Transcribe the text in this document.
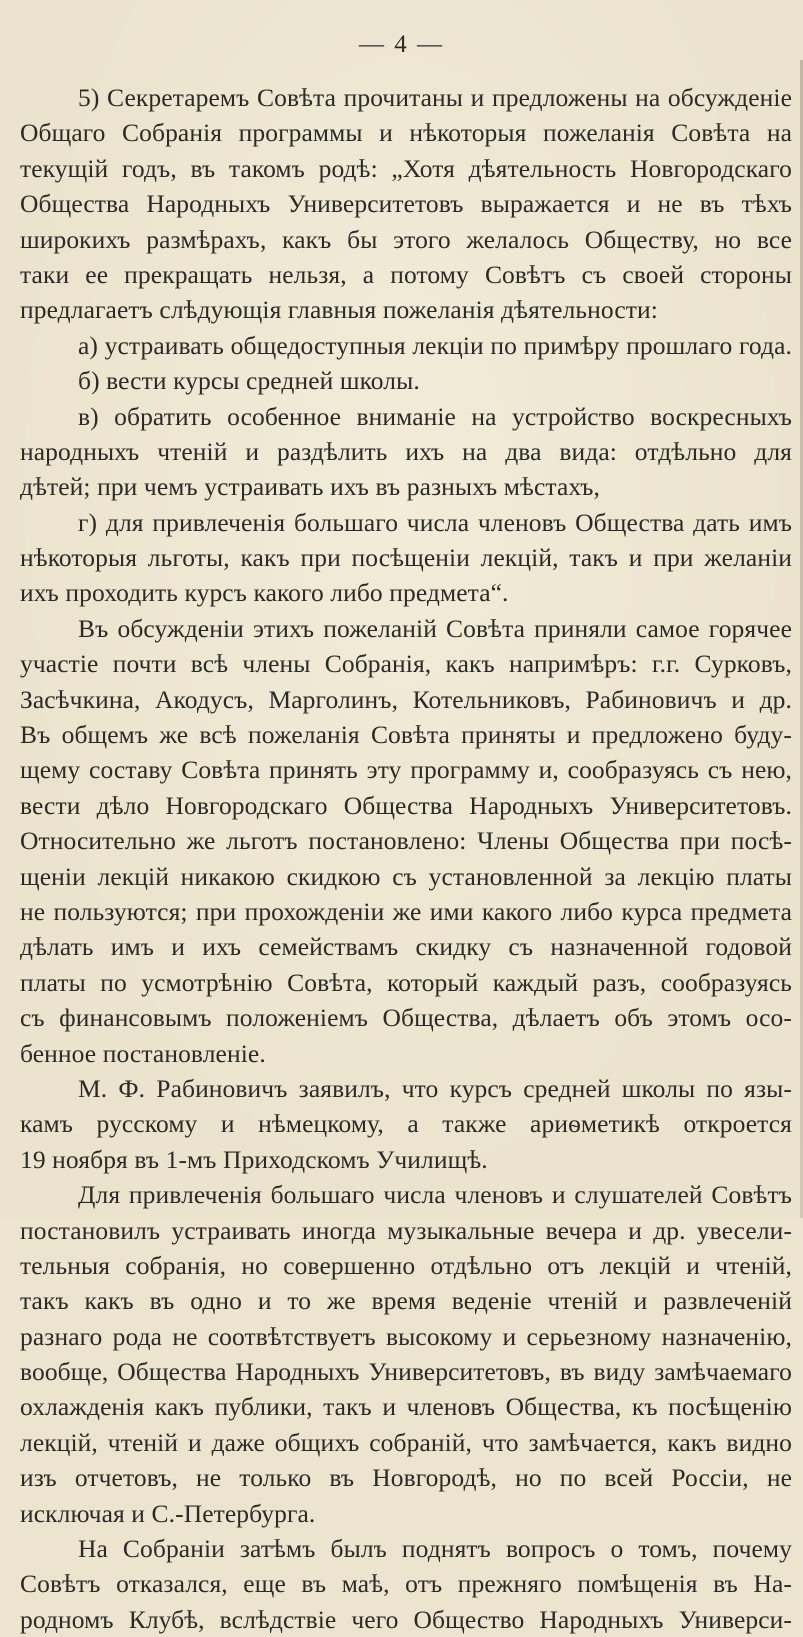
— 4 —
5) Секретаремъ Совѣта прочитаны и предложены на обсужденіе
Общаго Собранія программы и нѣкоторыя пожеланія Совѣта на
текущій годъ, въ такомъ родѣ: „Хотя дѣятельность Новгородскаго
Общества Народныхъ Университетовъ выражается и не въ тѣхъ
широкихъ размѣрахъ, какъ бы этого желалось Обществу, но все
таки ее прекращать нельзя, а потому Совѣтъ съ своей стороны
предлагаетъ слѣдующія главныя пожеланія дѣятельности:
а) устраивать общедоступныя лекціи по примѣру прошлаго года.
б) вести курсы средней школы.
в) обратить особенное вниманіе на устройство воскресныхъ
народныхъ чтеній и раздѣлить ихъ на два вида: отдѣльно для
дѣтей; при чемъ устраивать ихъ въ разныхъ мѣстахъ,
г) для привлеченія большаго числа членовъ Общества дать имъ
нѣкоторыя льготы, какъ при посѣщеніи лекцій, такъ и при желаніи
ихъ проходить курсъ какого либо предмета“.
Въ обсужденіи этихъ пожеланій Совѣта приняли самое горячее
участіе почти всѣ члены Собранія, какъ напримѣръ: г.г. Сурковъ,
Засѣчкина, Акодусъ, Марголинъ, Котельниковъ, Рабиновичъ и др.
Въ общемъ же всѣ пожеланія Совѣта приняты и предложено буду-
щему составу Совѣта принять эту программу и, сообразуясь съ нею,
вести дѣло Новгородскаго Общества Народныхъ Университетовъ.
Относительно же льготъ постановлено: Члены Общества при посѣ-
щеніи лекцій никакою скидкою съ установленной за лекцію платы
не пользуются; при прохожденіи же ими какого либо курса предмета
дѣлать имъ и ихъ семействамъ скидку съ назначенной годовой
платы по усмотрѣнію Совѣта, который каждый разъ, сообразуясь
съ финансовымъ положеніемъ Общества, дѣлаетъ объ этомъ осо-
бенное постановленіе.
М. Ф. Рабиновичъ заявилъ, что курсъ средней школы по язы-
камъ русскому и нѣмецкому, а также ариѳметикѣ откроется
19 ноября въ 1-мъ Приходскомъ Училищѣ.
Для привлеченія большаго числа членовъ и слушателей Совѣтъ
постановилъ устраивать иногда музыкальные вечера и др. увесели-
тельныя собранія, но совершенно отдѣльно отъ лекцій и чтеній,
такъ какъ въ одно и то же время веденіе чтеній и развлеченій
разнаго рода не соотвѣтствуетъ высокому и серьезному назначенію,
вообще, Общества Народныхъ Университетовъ, въ виду замѣчаемаго
охлажденія какъ публики, такъ и членовъ Общества, къ посѣщенію
лекцій, чтеній и даже общихъ собраній, что замѣчается, какъ видно
изъ отчетовъ, не только въ Новгородѣ, но по всей Россіи, не
исключая и С.-Петербурга.
На Собраніи затѣмъ былъ поднятъ вопросъ о томъ, почему
Совѣтъ отказался, еще въ маѣ, отъ прежняго помѣщенія въ На-
родномъ Клубѣ, вслѣдствіе чего Общество Народныхъ Универси-
